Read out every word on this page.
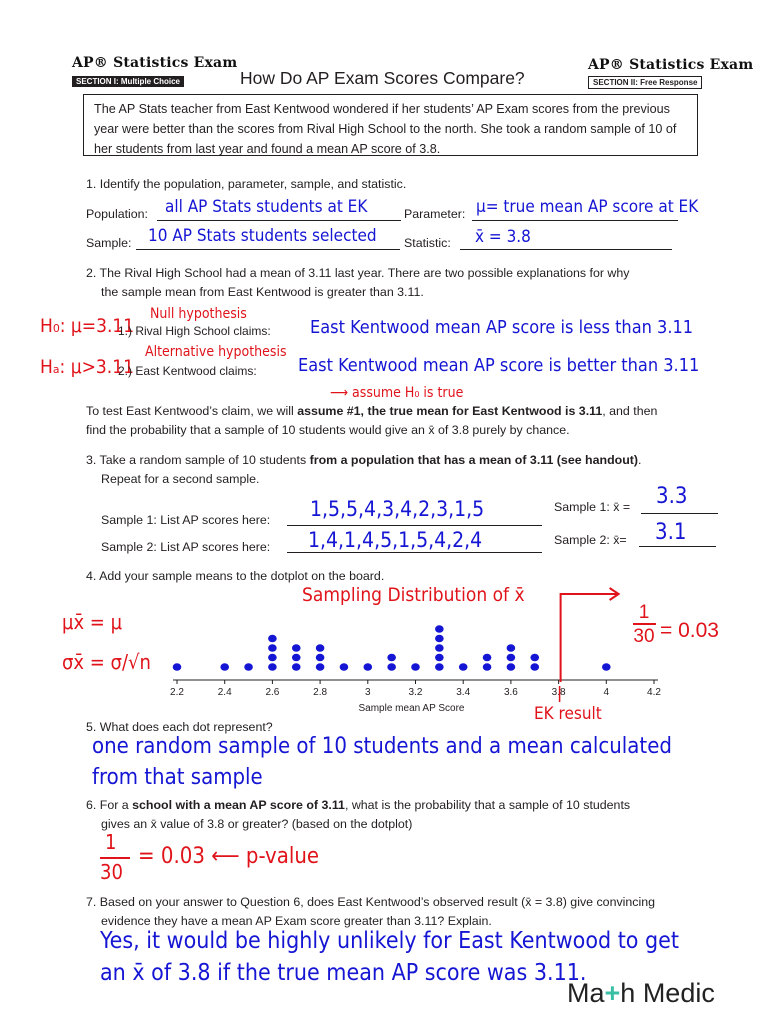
AP® Statistics Exam
SECTION I: Multiple Choice	How Do AP Exam Scores Compare?
AP® Statistics Exam
SECTION II: Free Response
The AP Stats teacher from East Kentwood wondered if her students’ AP Exam scores from the previous year were better than the scores from Rival High School to the north. She took a random sample of 10 of her students from last year and found a mean AP score of 3.8.
1. Identify the population, parameter, sample, and statistic.
Population: all AP Stats students at EK	Parameter: μ= true mean AP score at EK
Sample: 10 AP Stats students selected Statistic: x̄ = 3.8
2. The Rival High School had a mean of 3.11 last year. There are two possible explanations for why
the sample mean from East Kentwood is greater than 3.11.
H₀: μ=3.11
Null hypothesis
1.) Rival High School claims: East Kentwood mean AP score is less than 3.11
Hₐ: μ>3.11
Alternative hypothesis
2.) East Kentwood claims: East Kentwood mean AP score is better than 3.11
⟶ assume H₀ is true
To test East Kentwood’s claim, we will assume #1, the true mean for East Kentwood is 3.11, and then
find the probability that a sample of 10 students would give an x̄ of 3.8 purely by chance.
3. Take a random sample of 10 students from a population that has a mean of 3.11 (see handout).
Repeat for a second sample.
Sample 1: List AP scores here: 1,5,5,4,3,4,2,3,1,5	Sample 1: x̄ = 3.3
Sample 2: List AP scores here: 1,4,1,4,5,1,5,4,2,4	Sample 2: x̄= 3.1
4. Add your sample means to the dotplot on the board.
Sampling Distribution of x̄
μx̄ = μ
σx̄ = σ/√n
2.2	2.4	2.6	2.8	3	3.2	3.4	3.6	3.8	4	4.2
Sample mean AP Score
1
30 = 0.03
EK result
5. What does each dot represent?
one random sample of 10 students and a mean calculated
from that sample
6. For a school with a mean AP score of 3.11, what is the probability that a sample of 10 students
gives an x̄ value of 3.8 or greater? (based on the dotplot)
1
30
= 0.03 ⟵ p-value
7. Based on your answer to Question 6, does East Kentwood’s observed result (x̄ = 3.8) give convincing
evidence they have a mean AP Exam score greater than 3.11? Explain.
Yes, it would be highly unlikely for East Kentwood to get
an x̄ of 3.8 if the true mean AP score was 3.11.
Ma+h Medic
